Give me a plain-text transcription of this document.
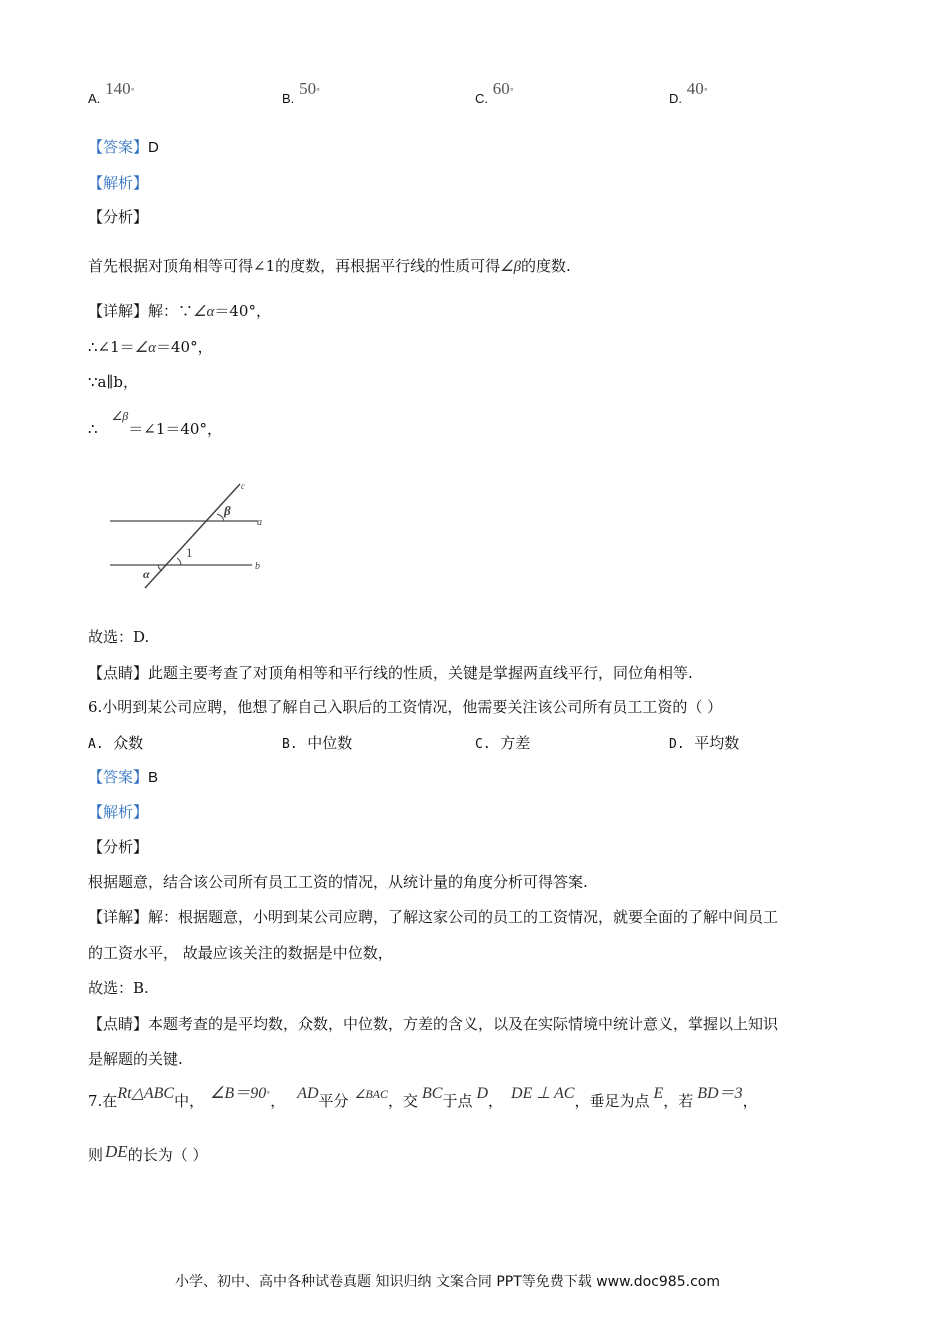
A. 140°	B. 50°	C. 60°	D. 40°
【答案】D
【解析】
【分析】
首先根据对顶角相等可得∠1的度数，再根据平行线的性质可得∠β的度数.
【详解】解：∵∠α＝40°，
∴∠1＝∠α＝40°，
∵a∥b，
∴$^{\angle\beta}$＝∠1＝40°，
c
β
a
1
α
b
故选：D.
【点睛】此题主要考查了对顶角相等和平行线的性质，关键是掌握两直线平行，同位角相等.
6.小明到某公司应聘，他想了解自己入职后的工资情况，他需要关注该公司所有员工工资的（ ）
A. 众数	B. 中位数	C. 方差	D. 平均数
【答案】B
【解析】
【分析】
根据题意，结合该公司所有员工工资的情况，从统计量的角度分析可得答案.
【详解】解：根据题意，小明到某公司应聘，了解这家公司的员工的工资情况，就要全面的了解中间员工
的工资水平， 故最应该关注的数据是中位数，
故选：B.
【点睛】本题考查的是平均数，众数，中位数，方差的含义，以及在实际情境中统计意义，掌握以上知识
是解题的关键.
7.在Rt△ABC中， ∠B＝90°， AD平分 $^{\angle BAC}$，交 BC于点 D， DE ⊥ AC，垂足为点 E，若 BD＝3，
则 DE的长为（ ）
小学、初中、高中各种试卷真题 知识归纳 文案合同 PPT等免费下载 www.doc985.com
